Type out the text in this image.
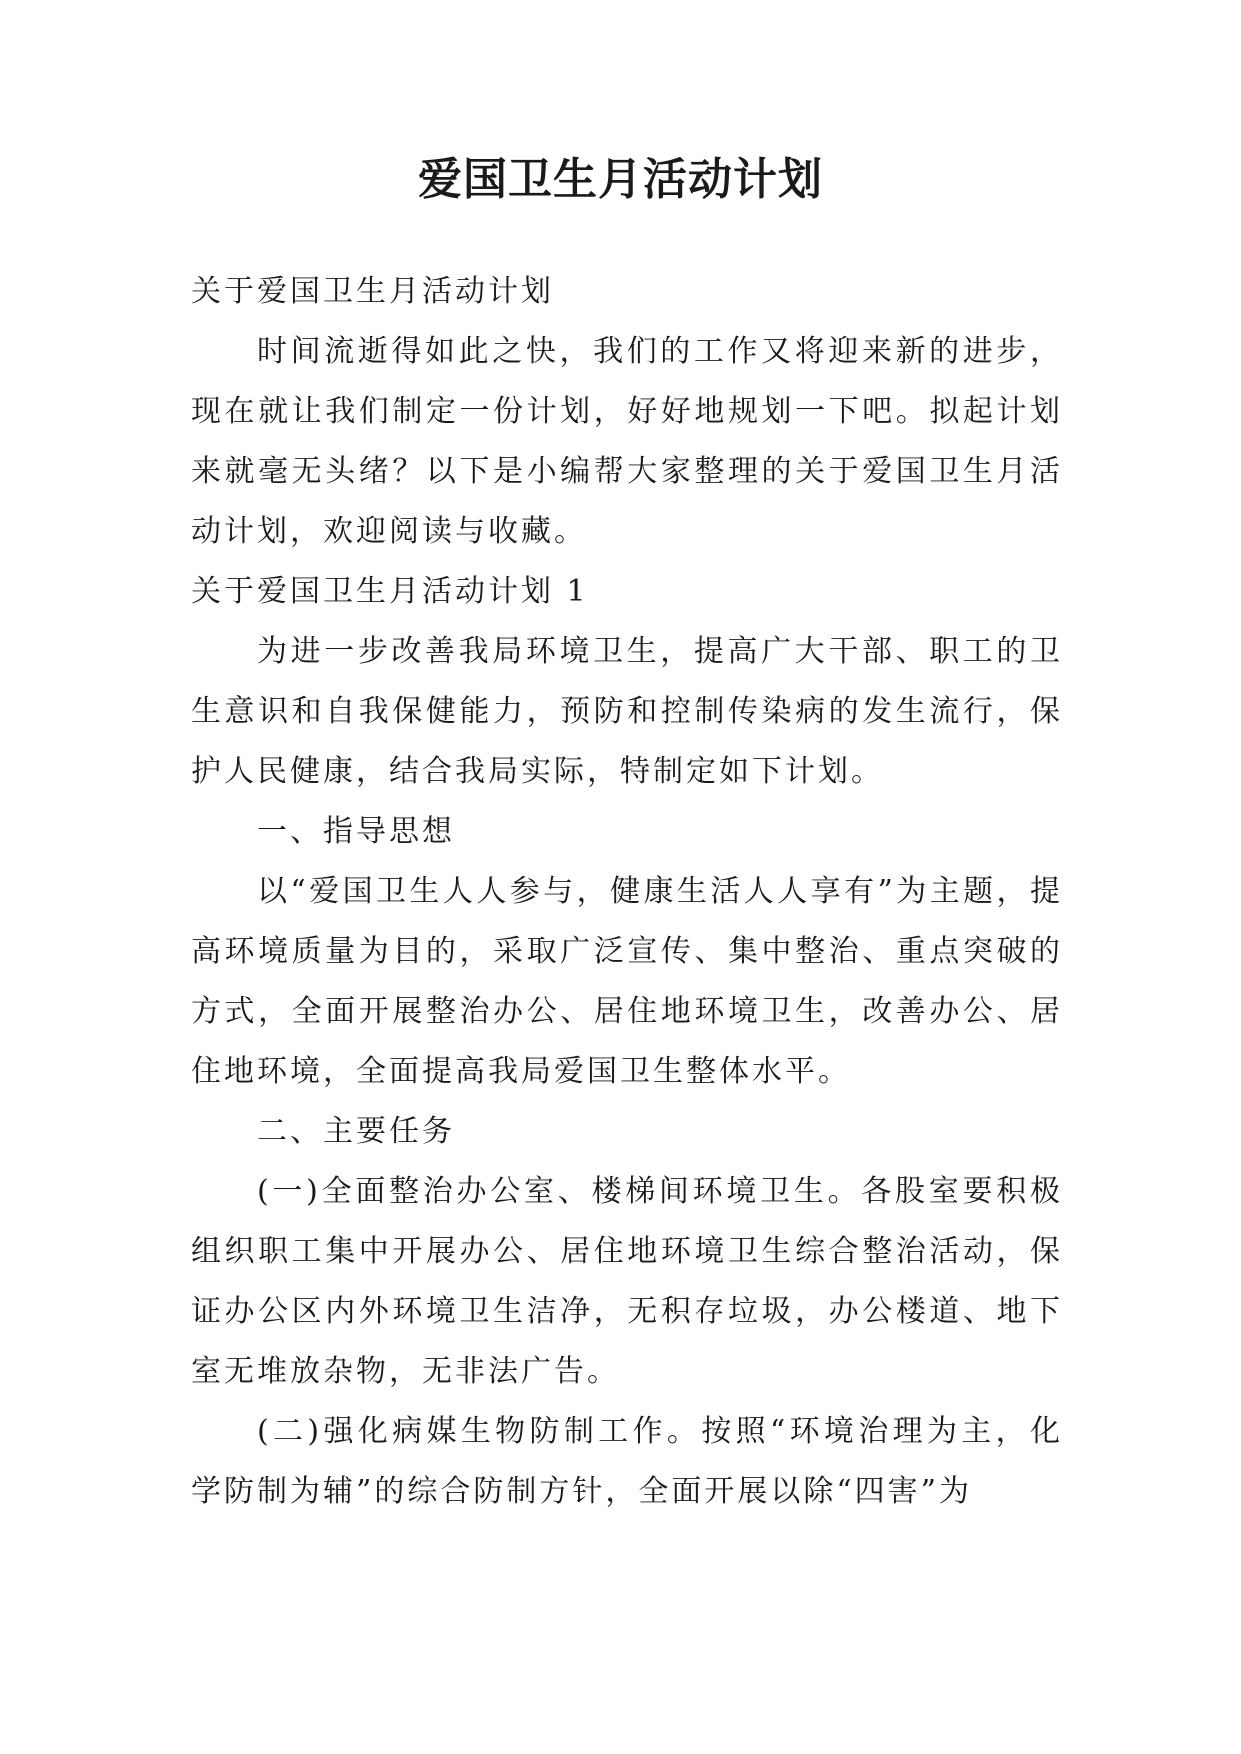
爱国卫生月活动计划

关于爱国卫生月活动计划

时间流逝得如此之快，我们的工作又将迎来新的进步，现在就让我们制定一份计划，好好地规划一下吧。拟起计划来就毫无头绪？以下是小编帮大家整理的关于爱国卫生月活动计划，欢迎阅读与收藏。

关于爱国卫生月活动计划 1

为进一步改善我局环境卫生，提高广大干部、职工的卫生意识和自我保健能力，预防和控制传染病的发生流行，保护人民健康，结合我局实际，特制定如下计划。

一、指导思想

以“爱国卫生人人参与，健康生活人人享有”为主题，提高环境质量为目的，采取广泛宣传、集中整治、重点突破的方式，全面开展整治办公、居住地环境卫生，改善办公、居住地环境，全面提高我局爱国卫生整体水平。

二、主要任务

(一)全面整治办公室、楼梯间环境卫生。各股室要积极组织职工集中开展办公、居住地环境卫生综合整治活动，保证办公区内外环境卫生洁净，无积存垃圾，办公楼道、地下室无堆放杂物，无非法广告。

(二)强化病媒生物防制工作。按照“环境治理为主，化学防制为辅”的综合防制方针，全面开展以除“四害”为
